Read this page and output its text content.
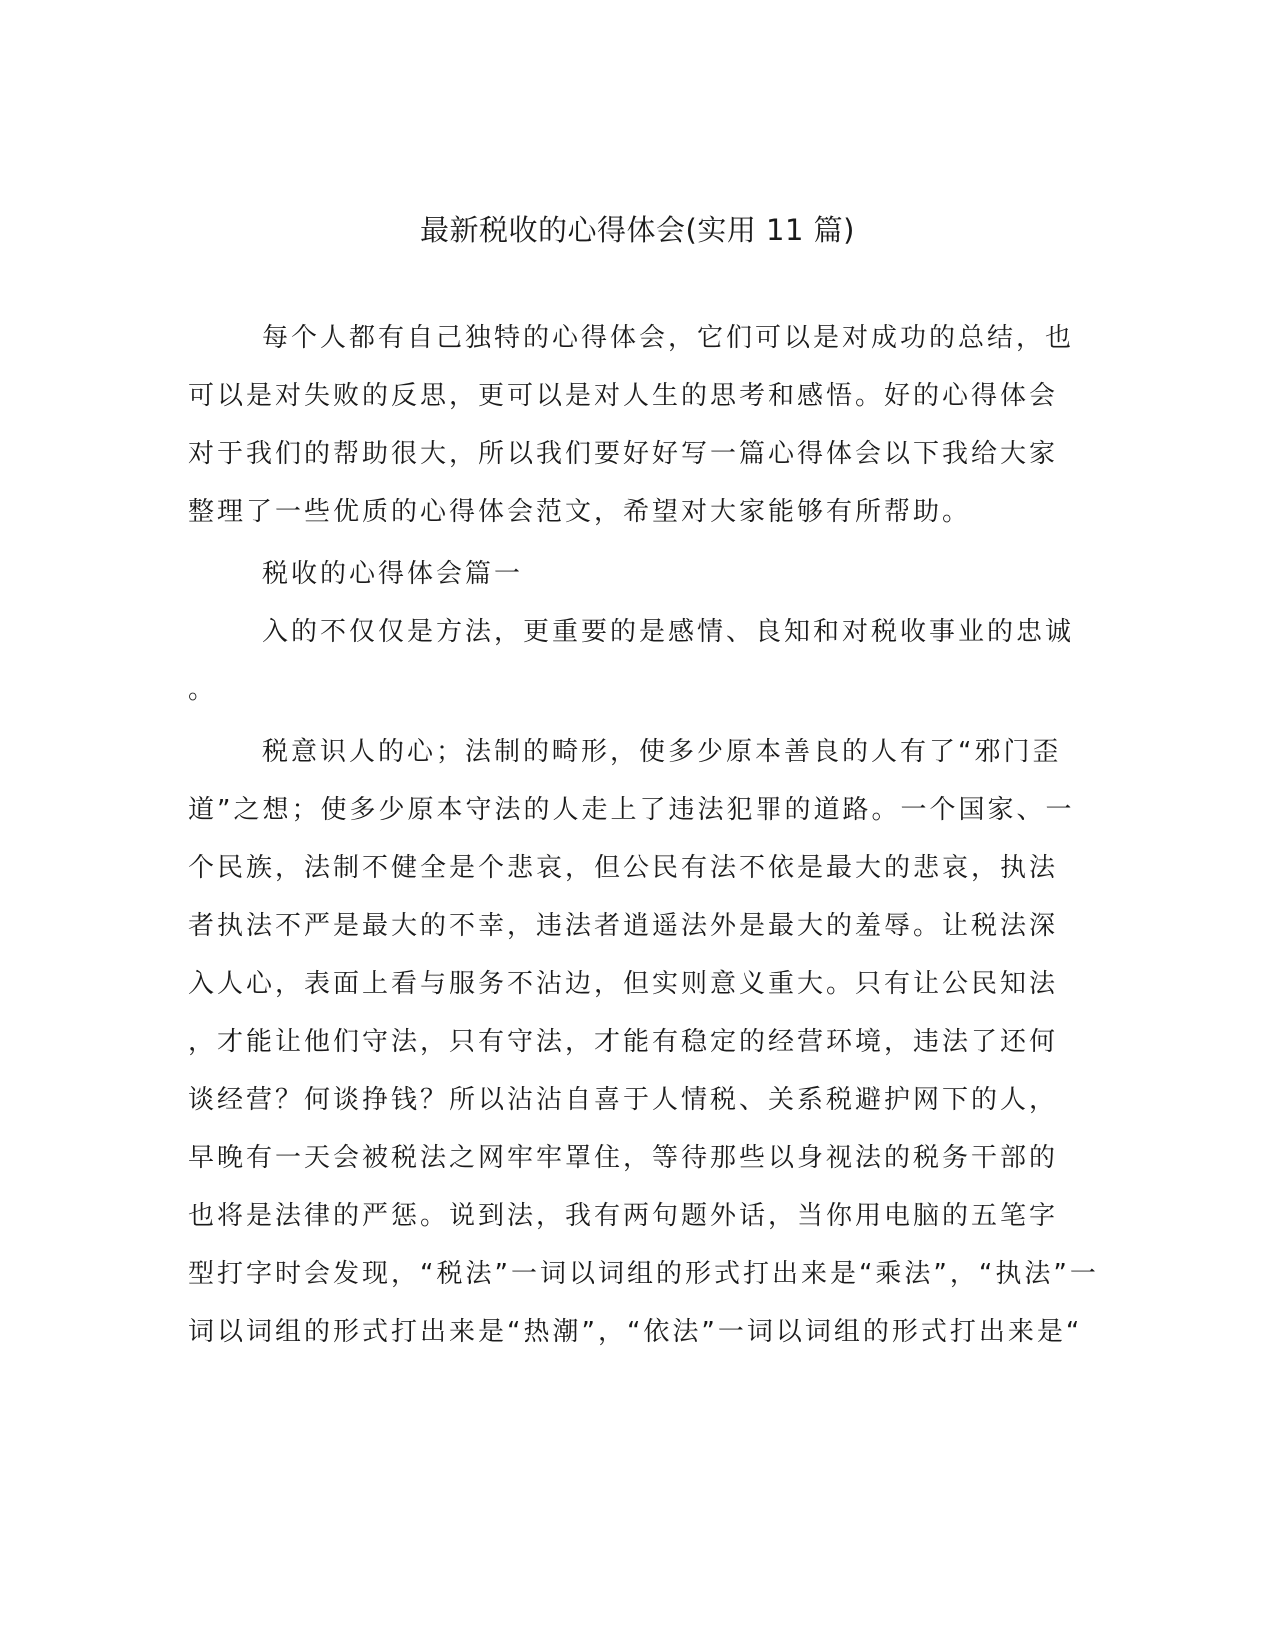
最新税收的心得体会(实用 11 篇)

每个人都有自己独特的心得体会，它们可以是对成功的总结，也

可以是对失败的反思，更可以是对人生的思考和感悟。好的心得体会

对于我们的帮助很大，所以我们要好好写一篇心得体会以下我给大家

整理了一些优质的心得体会范文，希望对大家能够有所帮助。

税收的心得体会篇一

入的不仅仅是方法，更重要的是感情、良知和对税收事业的忠诚

。

税意识人的心；法制的畸形，使多少原本善良的人有了“邪门歪

道”之想；使多少原本守法的人走上了违法犯罪的道路。一个国家、一

个民族，法制不健全是个悲哀，但公民有法不依是最大的悲哀，执法

者执法不严是最大的不幸，违法者逍遥法外是最大的羞辱。让税法深

入人心，表面上看与服务不沾边，但实则意义重大。只有让公民知法

，才能让他们守法，只有守法，才能有稳定的经营环境，违法了还何

谈经营？何谈挣钱？所以沾沾自喜于人情税、关系税避护网下的人，

早晚有一天会被税法之网牢牢罩住，等待那些以身视法的税务干部的

也将是法律的严惩。说到法，我有两句题外话，当你用电脑的五笔字

型打字时会发现，“税法”一词以词组的形式打出来是“乘法”，“执法”一

词以词组的形式打出来是“热潮”，“依法”一词以词组的形式打出来是“
